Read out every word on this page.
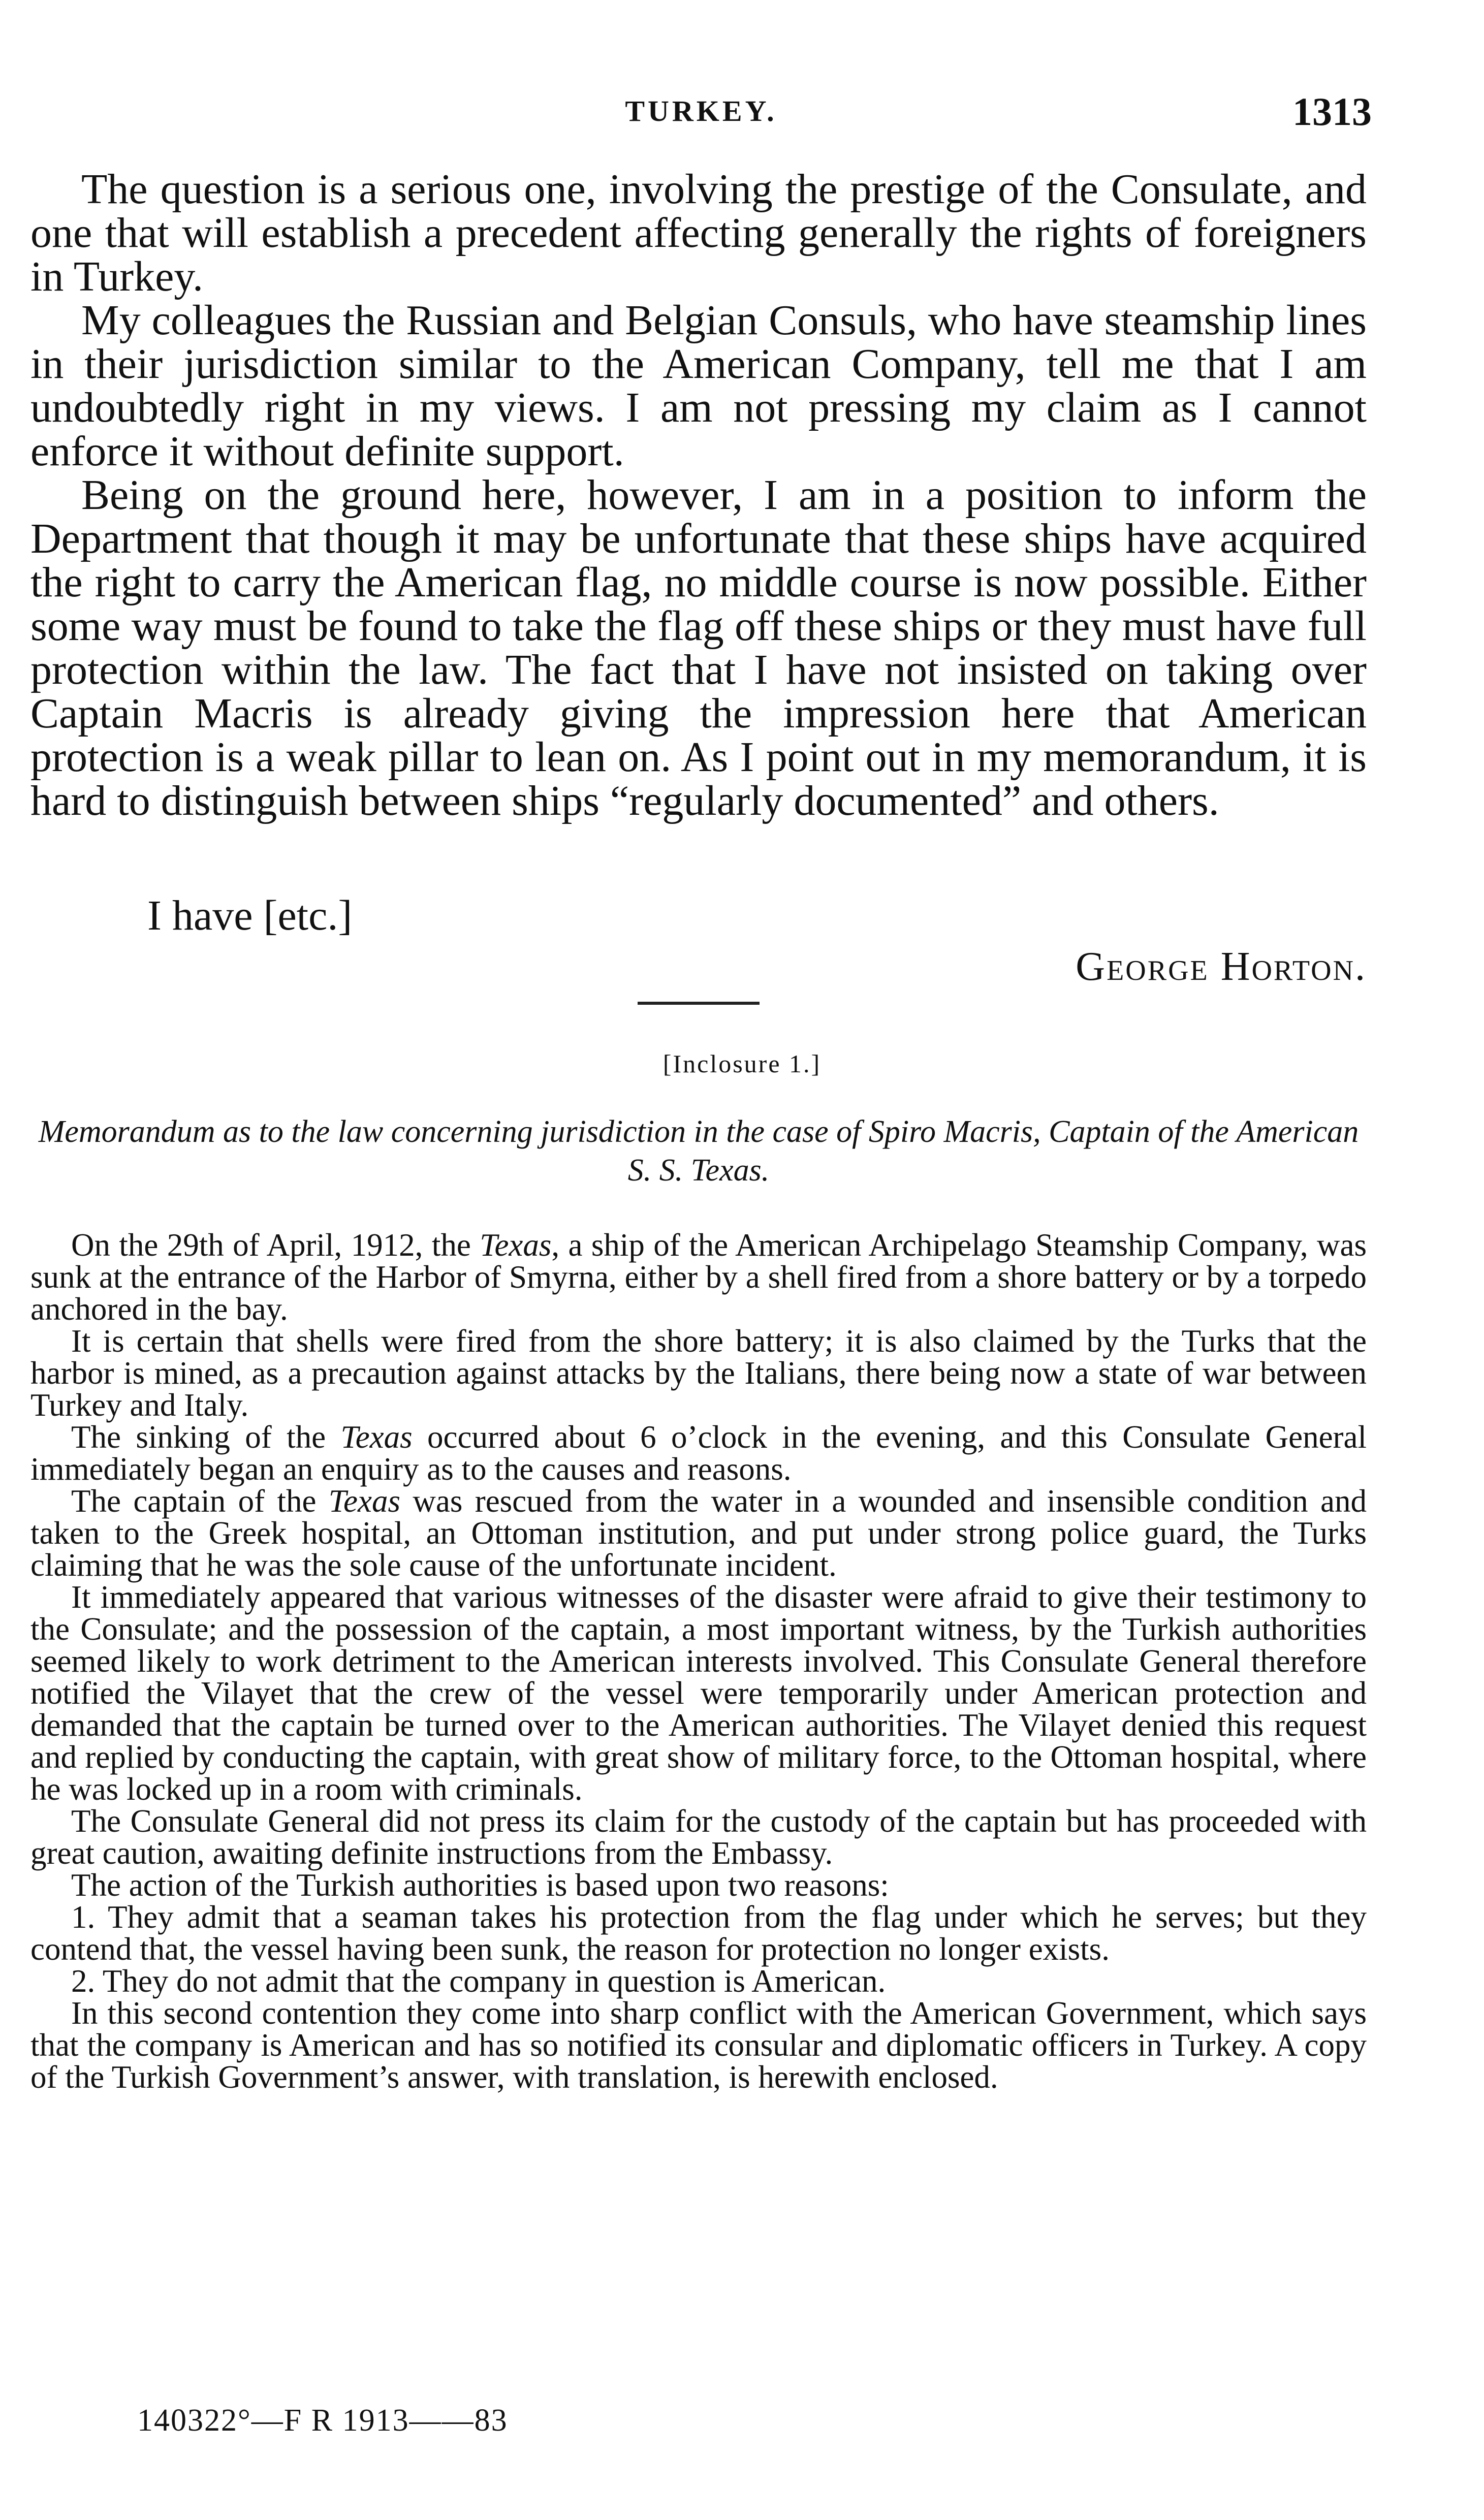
TURKEY.	1313

The question is a serious one, involving the prestige of the Consulate, and one that will establish a precedent affecting generally the rights of foreigners in Turkey.

My colleagues the Russian and Belgian Consuls, who have steamship lines in their jurisdiction similar to the American Company, tell me that I am undoubtedly right in my views. I am not pressing my claim as I cannot enforce it without definite support.

Being on the ground here, however, I am in a position to inform the Department that though it may be unfortunate that these ships have acquired the right to carry the American flag, no middle course is now possible. Either some way must be found to take the flag off these ships or they must have full protection within the law. The fact that I have not insisted on taking over Captain Macris is already giving the impression here that American protection is a weak pillar to lean on. As I point out in my memorandum, it is hard to distinguish between ships “regularly documented” and others.

I have [etc.]
George Horton.
[Inclosure 1.]
Memorandum as to the law concerning jurisdiction in the case of Spiro Macris, Captain of the American S. S. Texas.

On the 29th of April, 1912, the Texas, a ship of the American Archipelago Steamship Company, was sunk at the entrance of the Harbor of Smyrna, either by a shell fired from a shore battery or by a torpedo anchored in the bay.

It is certain that shells were fired from the shore battery; it is also claimed by the Turks that the harbor is mined, as a precaution against attacks by the Italians, there being now a state of war between Turkey and Italy.

The sinking of the Texas occurred about 6 o’clock in the evening, and this Consulate General immediately began an enquiry as to the causes and reasons.

The captain of the Texas was rescued from the water in a wounded and insensible condition and taken to the Greek hospital, an Ottoman institution, and put under strong police guard, the Turks claiming that he was the sole cause of the unfortunate incident.

It immediately appeared that various witnesses of the disaster were afraid to give their testimony to the Consulate; and the possession of the captain, a most important witness, by the Turkish authorities seemed likely to work detriment to the American interests involved. This Consulate General therefore notified the Vilayet that the crew of the vessel were temporarily under American protection and demanded that the captain be turned over to the American authorities. The Vilayet denied this request and replied by conducting the captain, with great show of military force, to the Ottoman hospital, where he was locked up in a room with criminals.

The Consulate General did not press its claim for the custody of the captain but has proceeded with great caution, awaiting definite instructions from the Embassy.

The action of the Turkish authorities is based upon two reasons:

1. They admit that a seaman takes his protection from the flag under which he serves; but they contend that, the vessel having been sunk, the reason for protection no longer exists.

2. They do not admit that the company in question is American.

In this second contention they come into sharp conflict with the American Government, which says that the company is American and has so notified its consular and diplomatic officers in Turkey. A copy of the Turkish Government’s answer, with translation, is herewith enclosed.

140322°—F R 1913——83
